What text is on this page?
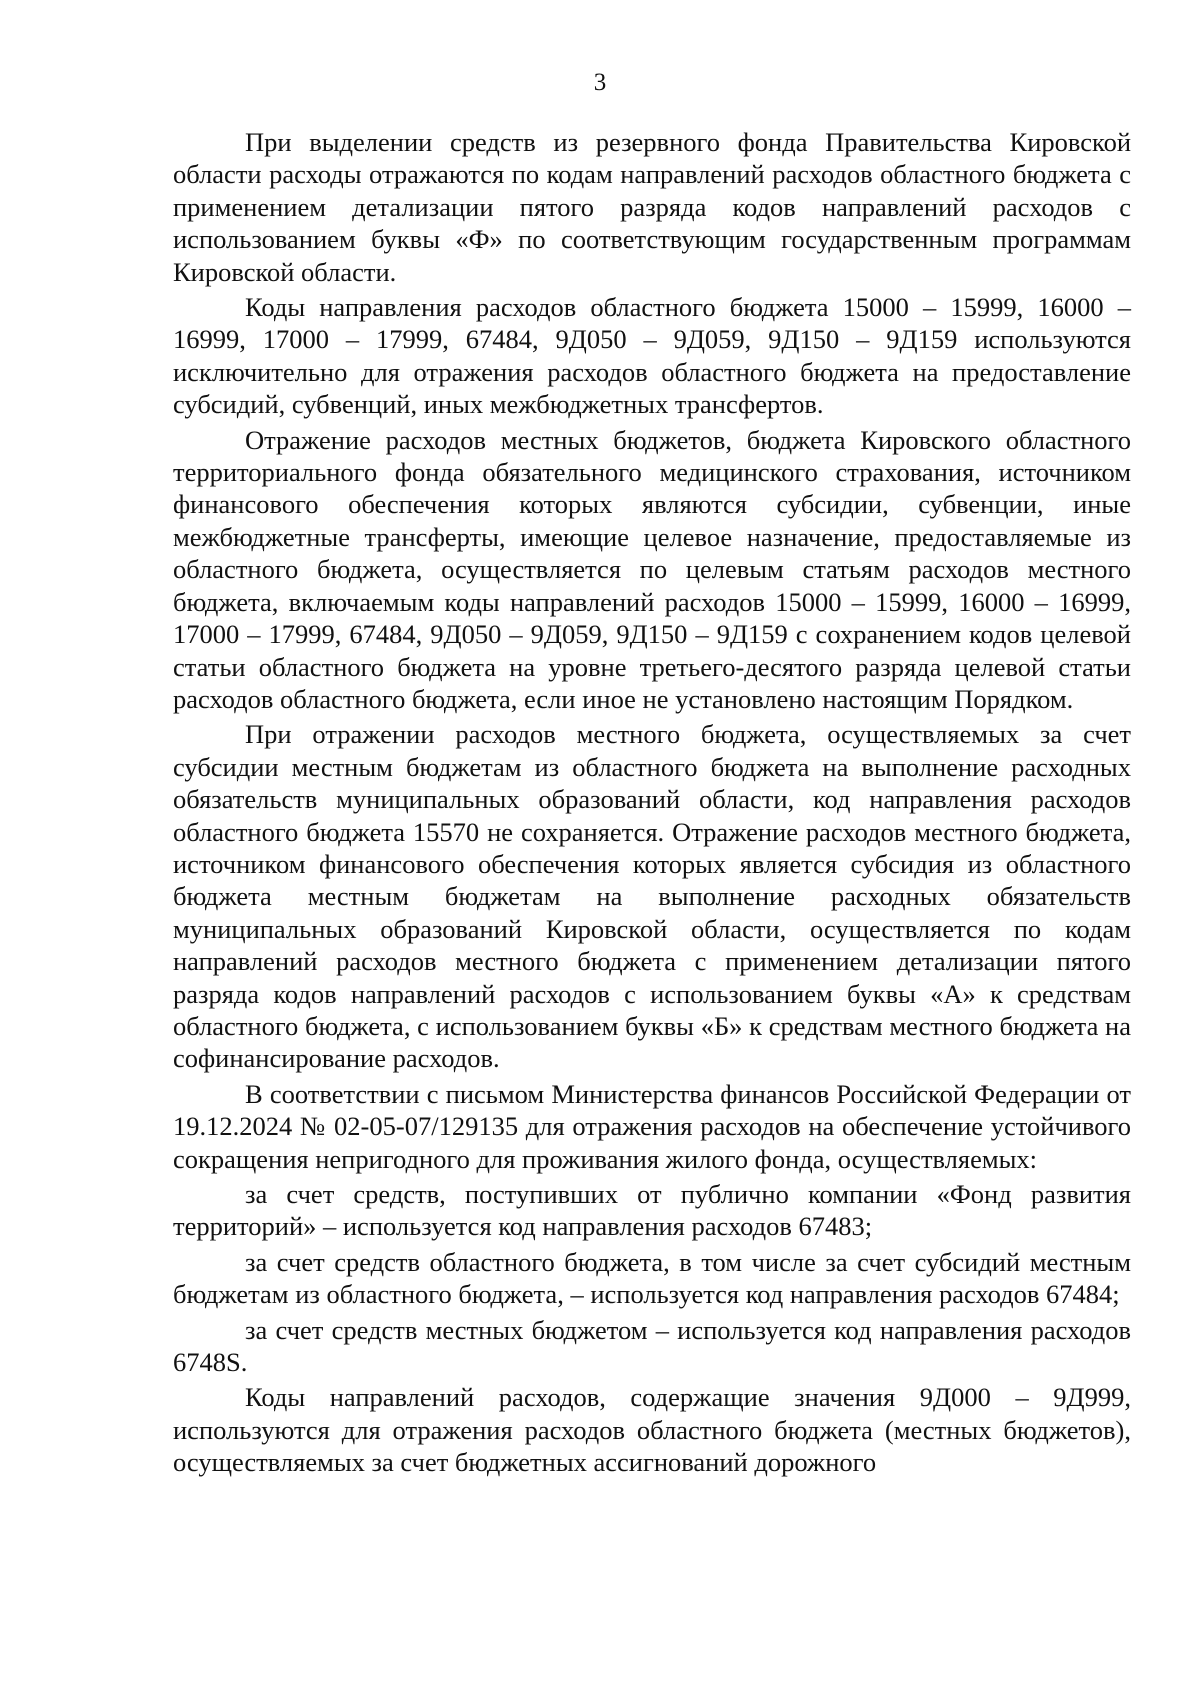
3

При выделении средств из резервного фонда Правительства Кировской области расходы отражаются по кодам направлений расходов областного бюджета с применением детализации пятого разряда кодов направлений расходов с использованием буквы «Ф» по соответствующим государственным программам Кировской области.

Коды направления расходов областного бюджета 15000 – 15999, 16000 – 16999, 17000 – 17999, 67484, 9Д050 – 9Д059, 9Д150 – 9Д159 используются исключительно для отражения расходов областного бюджета на предоставление субсидий, субвенций, иных межбюджетных трансфертов.

Отражение расходов местных бюджетов, бюджета Кировского областного территориального фонда обязательного медицинского страхования, источником финансового обеспечения которых являются субсидии, субвенции, иные межбюджетные трансферты, имеющие целевое назначение, предоставляемые из областного бюджета, осуществляется по целевым статьям расходов местного бюджета, включаемым коды направлений расходов 15000 – 15999, 16000 – 16999, 17000 – 17999, 67484, 9Д050 – 9Д059, 9Д150 – 9Д159 с сохранением кодов целевой статьи областного бюджета на уровне третьего-десятого разряда целевой статьи расходов областного бюджета, если иное не установлено настоящим Порядком.

При отражении расходов местного бюджета, осуществляемых за счет субсидии местным бюджетам из областного бюджета на выполнение расходных обязательств муниципальных образований области, код направления расходов областного бюджета 15570 не сохраняется. Отражение расходов местного бюджета, источником финансового обеспечения которых является субсидия из областного бюджета местным бюджетам на выполнение расходных обязательств муниципальных образований Кировской области, осуществляется по кодам направлений расходов местного бюджета с применением детализации пятого разряда кодов направлений расходов с использованием буквы «А» к средствам областного бюджета, с использованием буквы «Б» к средствам местного бюджета на софинансирование расходов.

В соответствии с письмом Министерства финансов Российской Федерации от 19.12.2024 № 02-05-07/129135 для отражения расходов на обеспечение устойчивого сокращения непригодного для проживания жилого фонда, осуществляемых:

за счет средств, поступивших от публично компании «Фонд развития территорий» – используется код направления расходов 67483;

за счет средств областного бюджета, в том числе за счет субсидий местным бюджетам из областного бюджета, – используется код направления расходов 67484;

за счет средств местных бюджетом – используется код направления расходов 6748S.

Коды направлений расходов, содержащие значения 9Д000 – 9Д999, используются для отражения расходов областного бюджета (местных бюджетов), осуществляемых за счет бюджетных ассигнований дорожного
